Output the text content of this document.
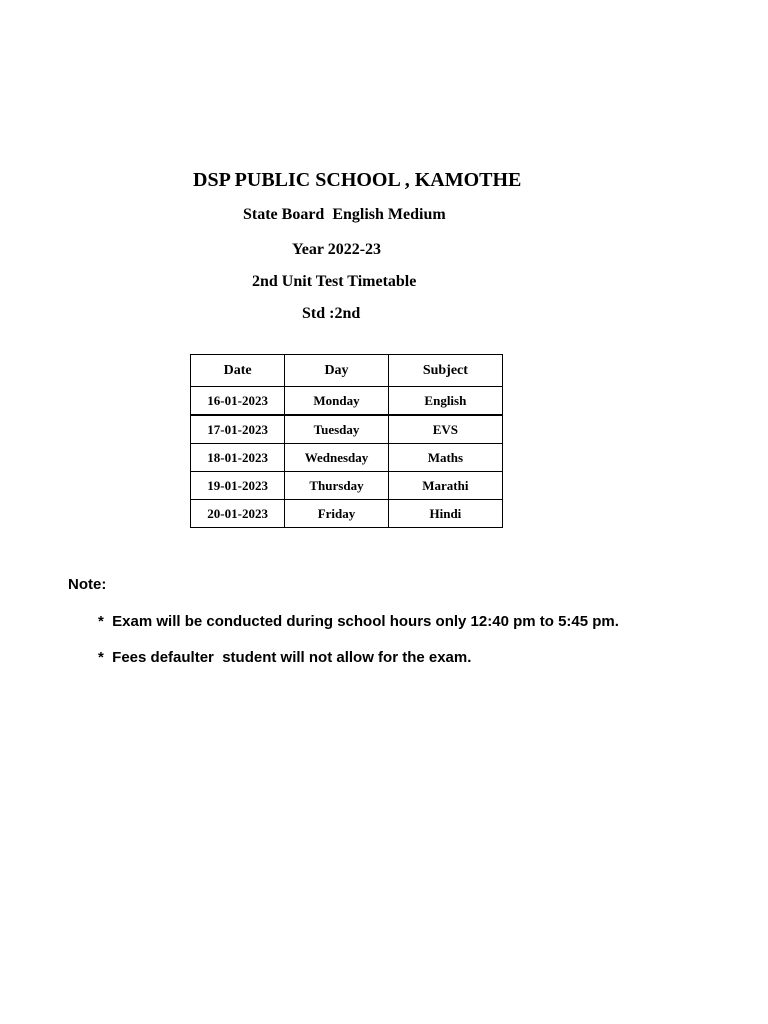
DSP PUBLIC SCHOOL , KAMOTHE
State Board  English Medium
Year 2022-23
2nd Unit Test Timetable
Std :2nd
Date	Day	Subject
16-01-2023	Monday	English
17-01-2023	Tuesday	EVS
18-01-2023	Wednesday	Maths
19-01-2023	Thursday	Marathi
20-01-2023	Friday	Hindi
Note:
*  Exam will be conducted during school hours only 12:40 pm to 5:45 pm.
*  Fees defaulter  student will not allow for the exam.
